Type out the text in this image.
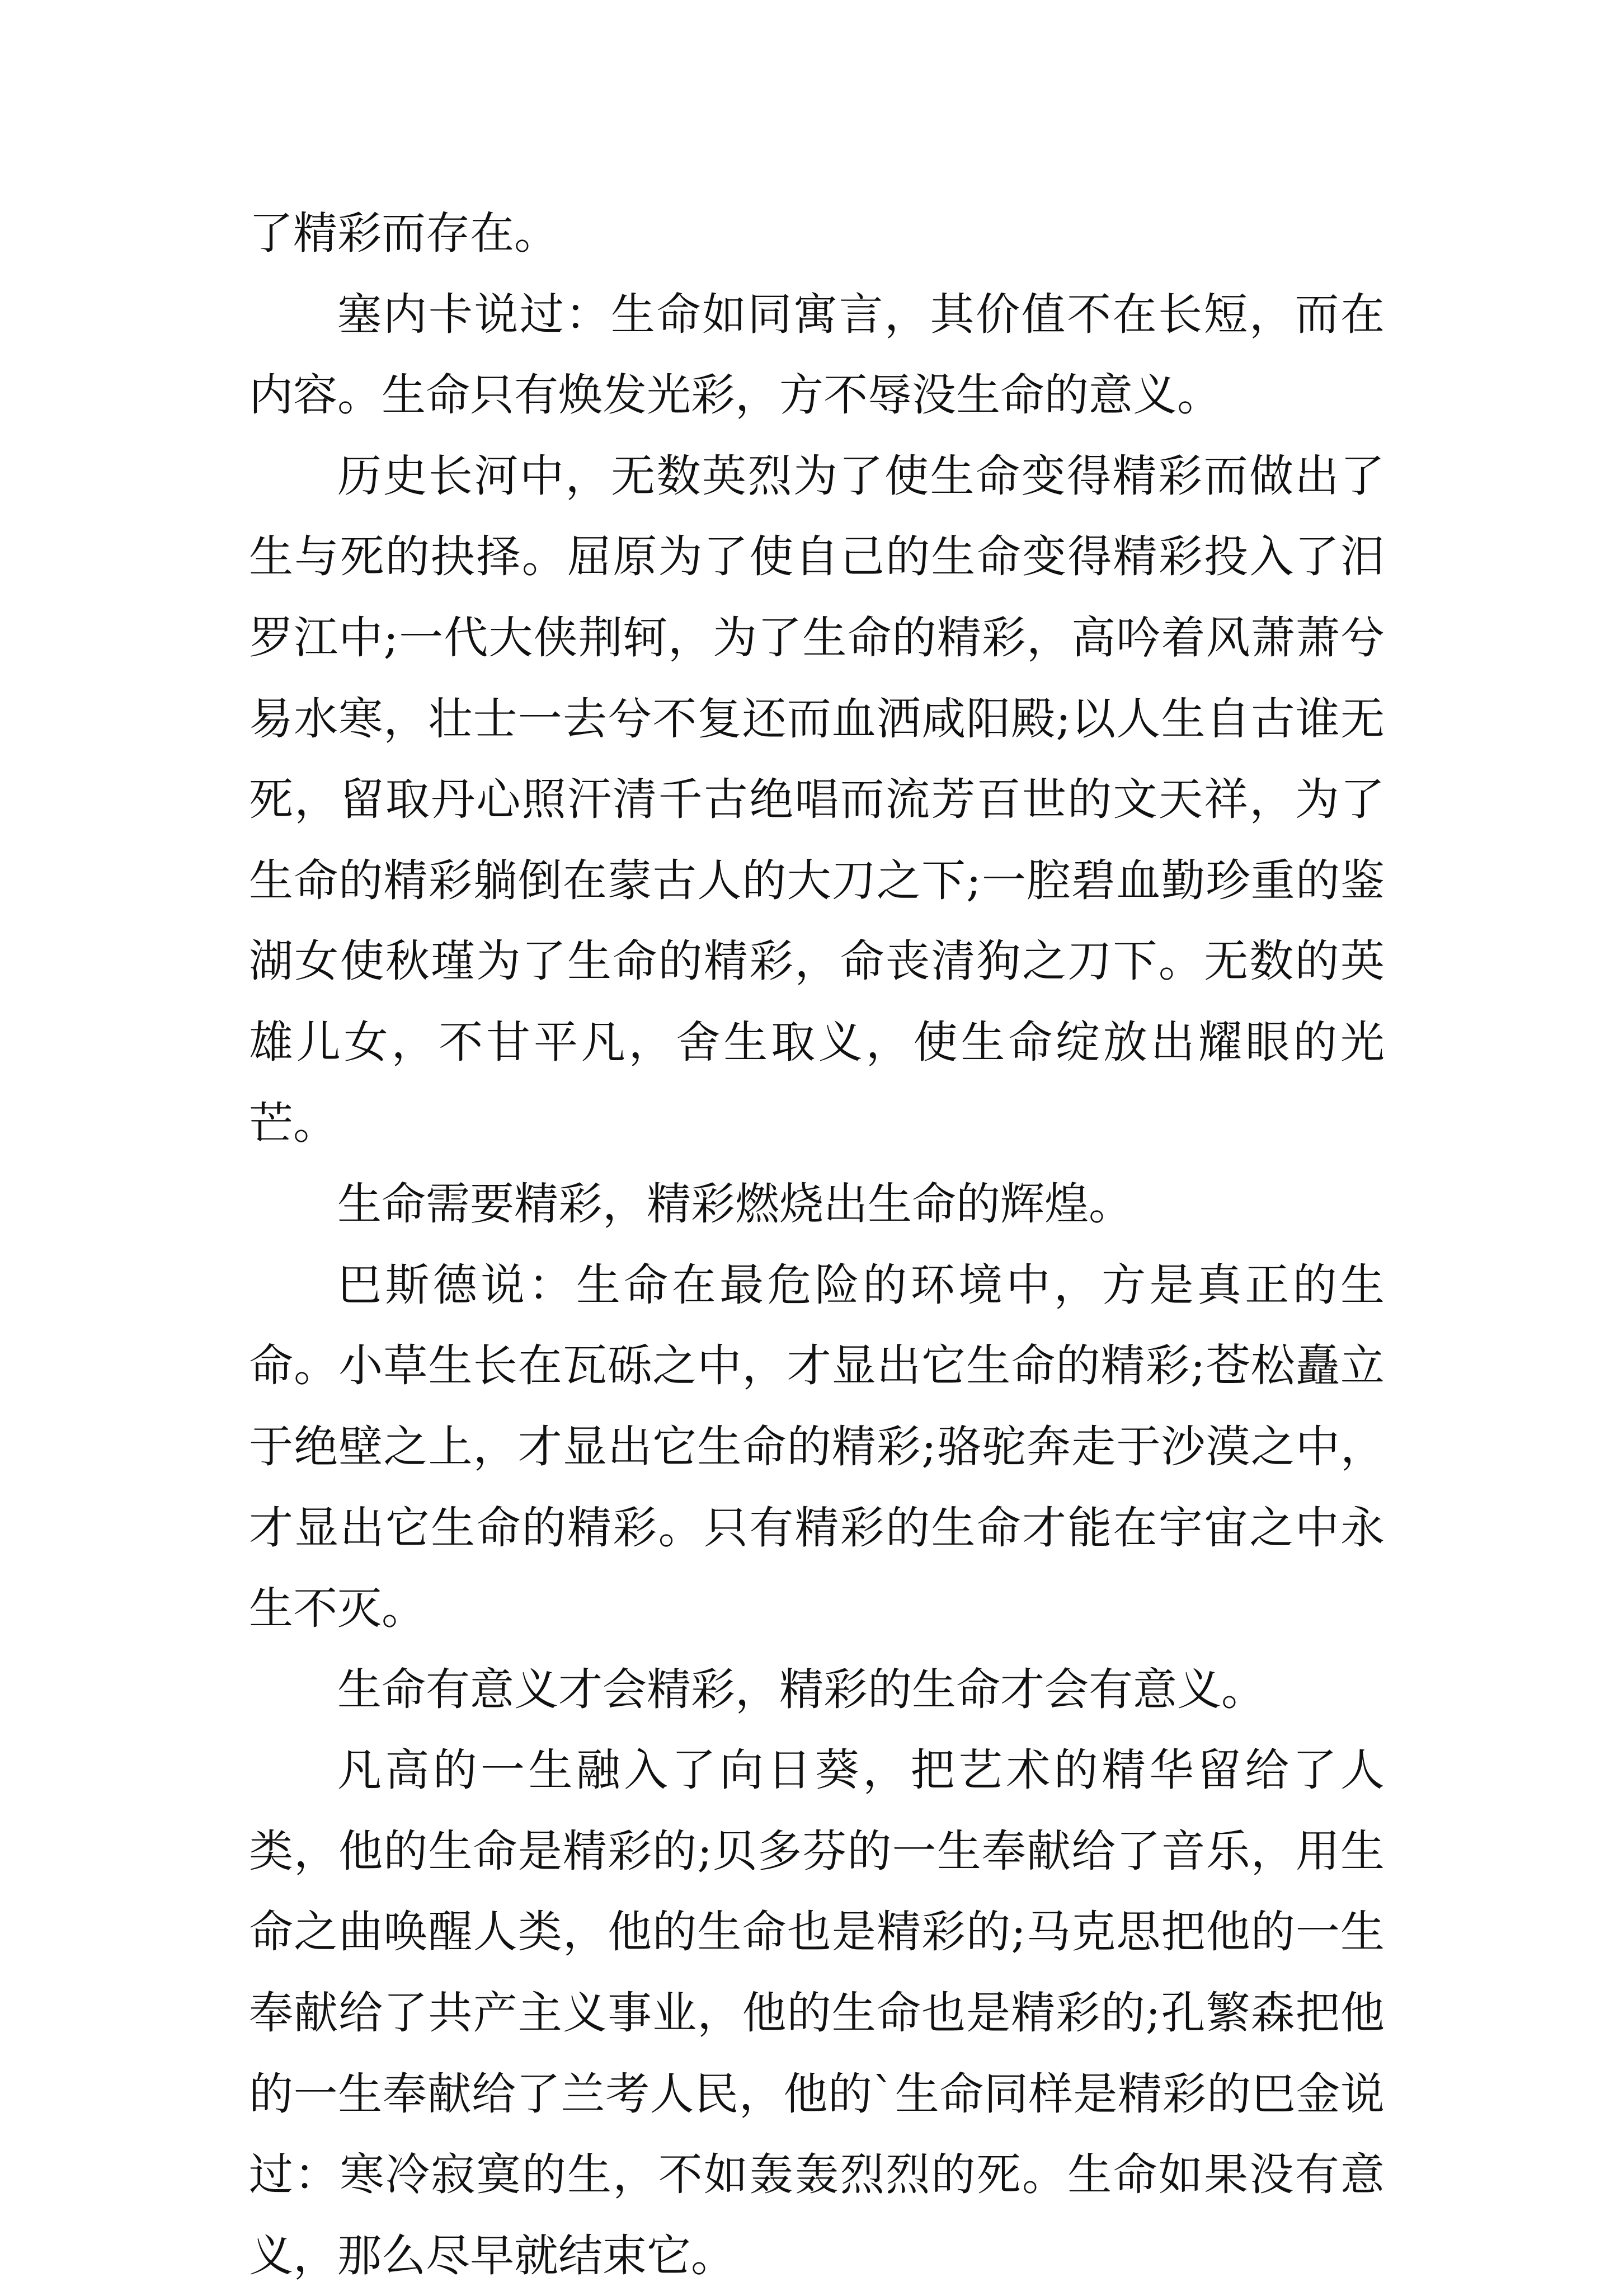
了精彩而存在。

塞内卡说过：生命如同寓言，其价值不在长短，而在内容。生命只有焕发光彩，方不辱没生命的意义。

历史长河中，无数英烈为了使生命变得精彩而做出了生与死的抉择。屈原为了使自己的生命变得精彩投入了汨罗江中;一代大侠荆轲，为了生命的精彩，高吟着风萧萧兮易水寒，壮士一去兮不复还而血洒咸阳殿;以人生自古谁无死，留取丹心照汗清千古绝唱而流芳百世的文天祥，为了生命的精彩躺倒在蒙古人的大刀之下;一腔碧血勤珍重的鉴湖女使秋瑾为了生命的精彩，命丧清狗之刀下。无数的英雄儿女，不甘平凡，舍生取义，使生命绽放出耀眼的光芒。

生命需要精彩，精彩燃烧出生命的辉煌。

巴斯德说：生命在最危险的环境中，方是真正的生命。小草生长在瓦砾之中，才显出它生命的精彩;苍松矗立于绝壁之上，才显出它生命的精彩;骆驼奔走于沙漠之中，才显出它生命的精彩。只有精彩的生命才能在宇宙之中永生不灭。

生命有意义才会精彩，精彩的生命才会有意义。

凡高的一生融入了向日葵，把艺术的精华留给了人类，他的生命是精彩的;贝多芬的一生奉献给了音乐，用生命之曲唤醒人类，他的生命也是精彩的;马克思把他的一生奉献给了共产主义事业，他的生命也是精彩的;孔繁森把他的一生奉献给了兰考人民，他的`生命同样是精彩的巴金说过：寒冷寂寞的生，不如轰轰烈烈的死。生命如果没有意义，那么尽早就结束它。
